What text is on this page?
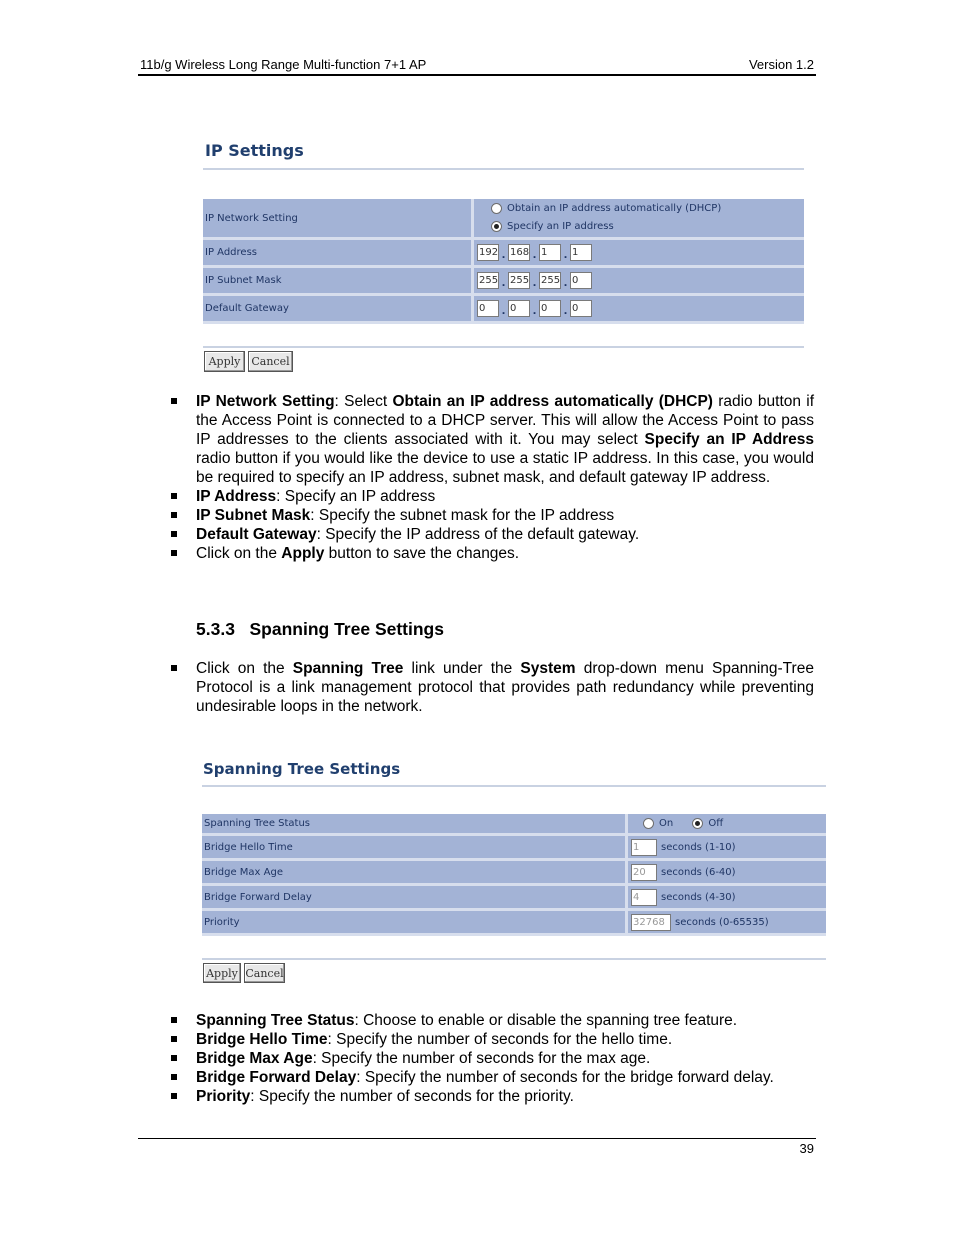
11b/g Wireless Long Range Multi-function 7+1 AP	Version 1.2
39
IP Settings
IP Network Setting	Obtain an IP address automatically (DHCP)
Specify an IP address

IP Address	192 . 168 . 1 . 1
IP Subnet Mask	255 . 255 . 255 . 0
Default Gateway	0 . 0 . 0 . 0
Apply	Cancel
IP Network Setting: Select Obtain an IP address automatically (DHCP) radio button if the Access Point is connected to a DHCP server. This will allow the Access Point to pass IP addresses to the clients associated with it. You may select Specify an IP Address radio button if you would like the device to use a static IP address. In this case, you would be required to specify an IP address, subnet mask, and default gateway IP address.
IP Address: Specify an IP address
IP Subnet Mask: Specify the subnet mask for the IP address
Default Gateway: Specify the IP address of the default gateway.
Click on the Apply button to save the changes.
5.3.3   Spanning Tree Settings
Click on the Spanning Tree link under the System drop-down menu Spanning-Tree Protocol is a link management protocol that provides path redundancy while preventing undesirable loops in the network.
Spanning Tree Settings
Spanning Tree Status	On Off
Bridge Hello Time	1 seconds (1-10)
Bridge Max Age	20 seconds (6-40)
Bridge Forward Delay	4 seconds (4-30)
Priority	32768 seconds (0-65535)
Apply Cancel
Spanning Tree Status: Choose to enable or disable the spanning tree feature.
Bridge Hello Time: Specify the number of seconds for the hello time.
Bridge Max Age: Specify the number of seconds for the max age.
Bridge Forward Delay: Specify the number of seconds for the bridge forward delay.
Priority: Specify the number of seconds for the priority.
